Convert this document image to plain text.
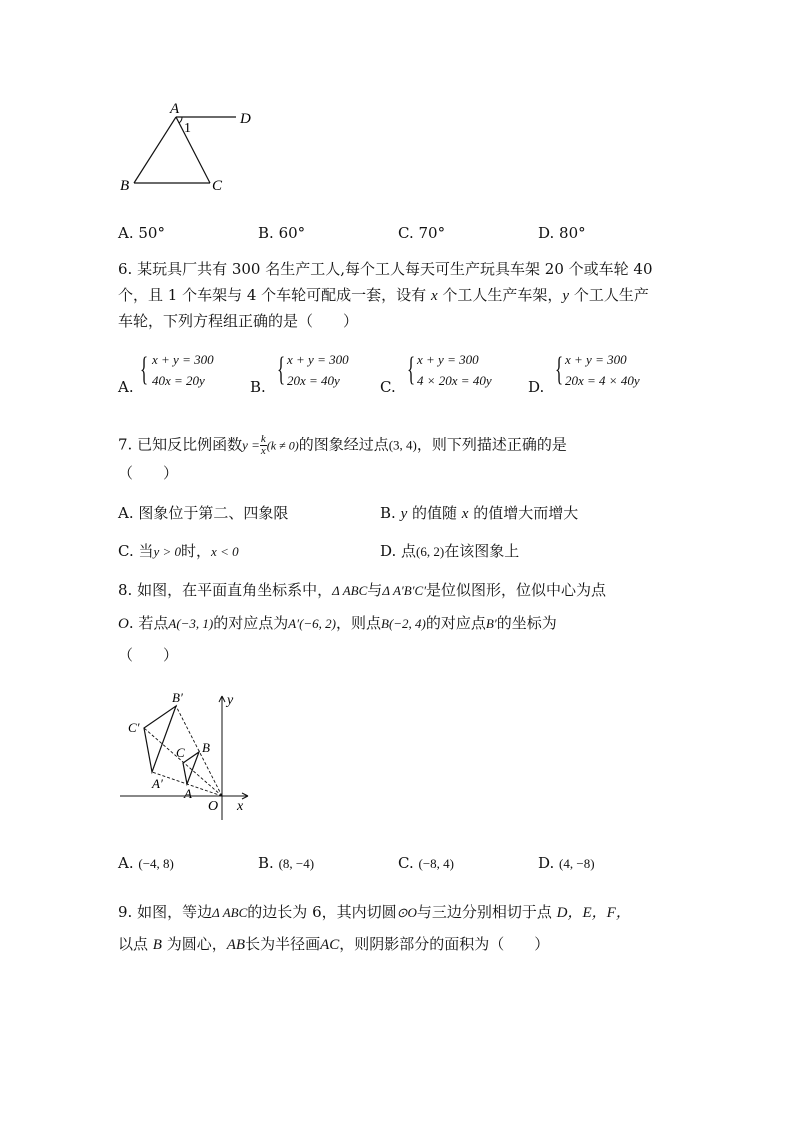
A
D
1
B	C
A. 50°	B. 60°	C. 70°	D. 80°
6. 某玩具厂共有 300 名生产工人,每个工人每天可生产玩具车架 20 个或车轮 40
个，且 1 个车架与 4 个车轮可配成一套，设有 x 个工人生产车架，y 个工人生产
车轮，下列方程组正确的是（　　）
A. { x + y = 300
40x = 20y	B. { x + y = 300
20x = 40y	C. { x + y = 300
4 × 20x = 40y D. { x + y = 300
20x = 4 × 40y
7. 已知反比例函数$y = \frac{k}{x} (k \ne 0)$的图象经过点(3, 4)，则下列描述正确的是
（　　）
A. 图象位于第二、四象限	B. y 的值随 x 的值增大而增大
C. 当y > 0时，x < 0	D. 点(6, 2)在该图象上
8. 如图，在平面直角坐标系中，Δ ABC与Δ A′B′C′是位似图形，位似中心为点
O. 若点A(−3, 1)的对应点为A′(−6, 2)，则点B(−2, 4)的对应点B′的坐标为
（　　）
y
x
O
A
B
C
A′
B′
C′
A. (−4, 8)	B. (8, −4)	C. (−8, 4)	D. (4, −8)
9. 如图，等边Δ ABC的边长为 6，其内切圆⊙O与三边分别相切于点 D，E，F，
以点 B 为圆心，AB长为半径画AC，则阴影部分的面积为（　　）
